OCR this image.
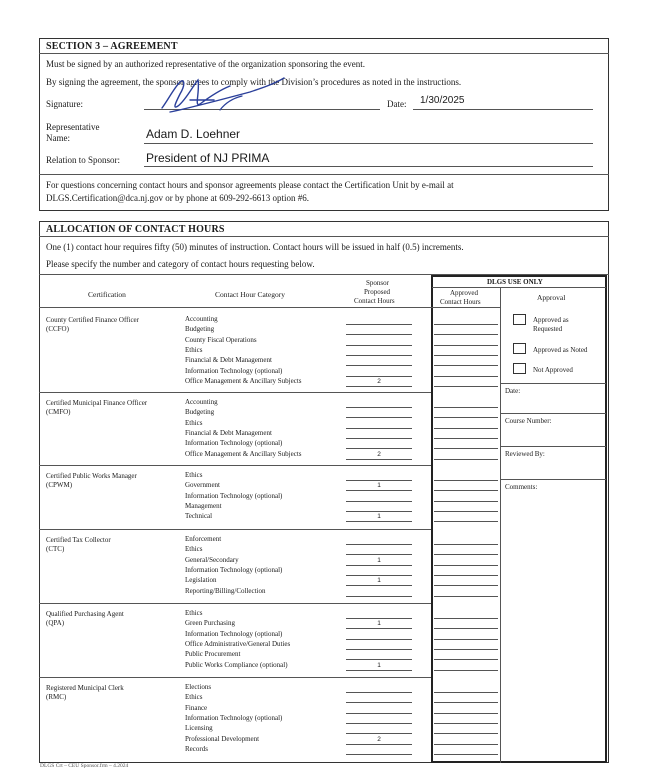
SECTION 3 – AGREEMENT
Must be signed by an authorized representative of the organization sponsoring the event.
By signing the agreement, the sponsor agrees to comply with the Division’s procedures as noted in the instructions.
Signature:	Date: 1/30/2025
Representative
Name:	Adam D. Loehner
Relation to Sponsor: President of NJ PRIMA
For questions concerning contact hours and sponsor agreements please contact the Certification Unit by e-mail at
DLGS.Certification@dca.nj.gov or by phone at 609-292-6613 option #6.
ALLOCATION OF CONTACT HOURS
One (1) contact hour requires fifty (50) minutes of instruction. Contact hours will be issued in half (0.5) increments.
Please specify the number and category of contact hours requesting below.
Certification	Contact Hour Category
Sponsor
Proposed
Contact Hours
DLGS USE ONLY
Approved
Contact Hours	Approval
Approved as
Requested
Approved as Noted
Not Approved
Date:
Course Number:
Reviewed By:
Comments:
County Certified Finance Officer
(CCFO)
Accounting
Budgeting
County Fiscal Operations
Ethics
Financial & Debt Management
Information Technology (optional)
Office Management & Ancillary Subjects	2
Certified Municipal Finance Officer
(CMFO)
Accounting
Budgeting
Ethics
Financial & Debt Management
Information Technology (optional)
Office Management & Ancillary Subjects	2
Certified Public Works Manager
(CPWM)
Ethics
Government	1
Information Technology (optional)
Management
Technical	1
Certified Tax Collector
(CTC)
Enforcement
Ethics
General/Secondary	1
Information Technology (optional)
Legislation	1
Reporting/Billing/Collection
Qualified Purchasing Agent
(QPA)
Ethics
Green Purchasing	1
Information Technology (optional)
Office Administrative/General Duties
Public Procurement
Public Works Compliance (optional)	1
Registered Municipal Clerk
(RMC)
Elections
Ethics
Finance
Information Technology (optional)
Licensing
Professional Development	2
Records
DLGS Crt – CEU Sponsor.frm – 4.2024
